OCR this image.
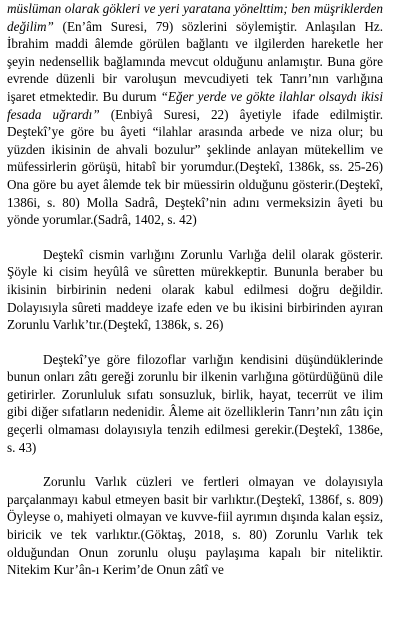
müslüman olarak gökleri ve yeri yaratana yöneltti​m; ben müşriklerden değilim” (En’âm Suresi, 79) sözlerini söylemiştir. Anlaşılan Hz. İbrahim maddi âlemde görülen bağlantı ve ilgilerden hareketle her şeyin nedensellik bağlamında mevcut olduğunu anlamıştır. Buna göre evrende düzenli bir varoluşun mevcudiyeti tek Tanrı’nın varlığına işaret etmektedir. Bu durum “Eğer yerde ve gökte ilahlar olsaydı ikisi fesada uğrardı” (Enbiyâ Suresi, 22) âyetiyle ifade edilmiştir. Deştekî’ye göre bu âyeti “ilahlar arasında arbede ve niza olur; bu yüzden ikisinin de ahvali bozulur” şeklinde anlayan mütekellim ve müfessirlerin görüşü, hitabî bir yorumdur.(Deştekî, 1386k, ss. 25-26) Ona göre bu ayet âlemde tek bir müessirin olduğunu gösterir.(Deştekî, 1386i, s. 80) Molla Sadrâ, Deştekî’nin adını vermeksizin âyeti bu yönde yorumlar.(Sadrâ, 1402, s. 42)

Deştekî cismin varlığını Zorunlu Varlığa delil olarak gösterir. Şöyle ki cisim heyûlâ ve sûretten mürekkeptir. Bununla beraber bu ikisinin birbirinin nedeni olarak kabul edilmesi doğru değildir. Dolayısıyla sûreti maddeye izafe eden ve bu ikisini birbirinden ayıran Zorunlu Varlık’tır.(Deştekî, 1386k, s. 26)

Deştekî’ye göre filozoflar varlığın kendisini düşündüklerinde bunun onları zâtı gereği zorunlu bir ilkenin varlığına götürdüğünü dile getirirler. Zorunluluk sıfatı sonsuzluk, birlik, hayat, tecerrüt ve ilim gibi diğer sıfatların nedenidir. Âleme ait özelliklerin Tanrı’nın zâtı için geçerli olmaması dolayısıyla tenzih edilmesi gerekir.(Deştekî, 1386e, s. 43)

Zorunlu Varlık cüzleri ve fertleri olmayan ve dolayısıyla parçalanmayı kabul etmeyen basit bir varlıktır.(Deştekî, 1386f, s. 809) Öyleyse o, mahiyeti olmayan ve kuvve-fiil ayrımın dışında kalan eşsiz, biricik ve tek varlıktır.(Göktaş, 2018, s. 80) Zorunlu Varlık tek olduğundan Onun zorunlu oluşu paylaşıma kapalı bir niteliktir. Nitekim Kur’ân-ı Kerim’de Onun zâtî ve
